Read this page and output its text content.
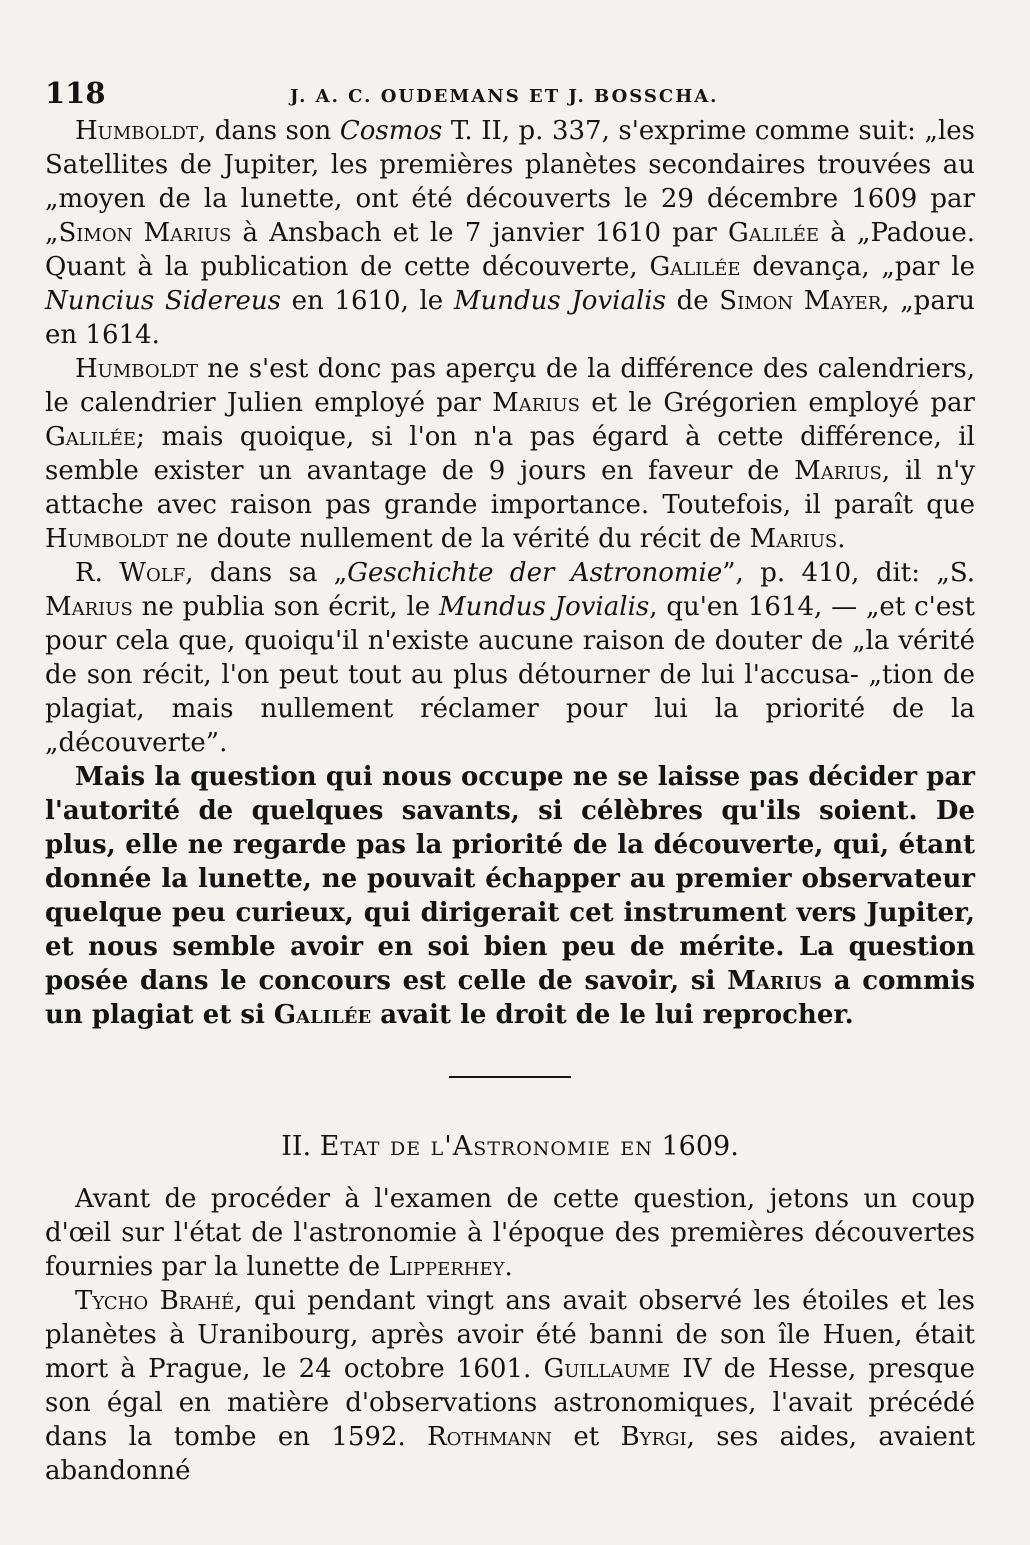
118	J. A. C. OUDEMANS ET J. BOSSCHA.

Humboldt, dans son Cosmos T. II, p. 337, s'exprime comme suit: „les Satellites de Jupiter, les premières planètes secondaires trouvées au „moyen de la lunette, ont été découverts le 29 décembre 1609 par „Simon Marius à Ansbach et le 7 janvier 1610 par Galilée à „Padoue. Quant à la publication de cette découverte, Galilée devança, „par le Nuncius Sidereus en 1610, le Mundus Jovialis de Simon Mayer, „paru en 1614.

Humboldt ne s'est donc pas aperçu de la différence des calendriers, le calendrier Julien employé par Marius et le Grégorien employé par Galilée; mais quoique, si l'on n'a pas égard à cette différence, il semble exister un avantage de 9 jours en faveur de Marius, il n'y attache avec raison pas grande importance. Toutefois, il paraît que Humboldt ne doute nullement de la vérité du récit de Marius.

R. Wolf, dans sa „Geschichte der Astronomie”, p. 410, dit: „S. Marius ne publia son écrit, le Mundus Jovialis, qu'en 1614, — „et c'est pour cela que, quoiqu'il n'existe aucune raison de douter de „la vérité de son récit, l'on peut tout au plus détourner de lui l'accusa- „tion de plagiat, mais nullement réclamer pour lui la priorité de la „découverte”.

Mais la question qui nous occupe ne se laisse pas décider par l'autorité de quelques savants, si célèbres qu'ils soient. De plus, elle ne regarde pas la priorité de la découverte, qui, étant donnée la lunette, ne pouvait échapper au premier observateur quelque peu curieux, qui dirigerait cet instrument vers Jupiter, et nous semble avoir en soi bien peu de mérite. La question posée dans le concours est celle de savoir, si Marius a commis un plagiat et si Galilée avait le droit de le lui reprocher.

II. Etat de l'Astronomie en 1609.

Avant de procéder à l'examen de cette question, jetons un coup d'œil sur l'état de l'astronomie à l'époque des premières découvertes fournies par la lunette de Lipperhey.

Tycho Brahé, qui pendant vingt ans avait observé les étoiles et les planètes à Uranibourg, après avoir été banni de son île Huen, était mort à Prague, le 24 octobre 1601. Guillaume IV de Hesse, presque son égal en matière d'observations astronomiques, l'avait précédé dans la tombe en 1592. Rothmann et Byrgi, ses aides, avaient abandonné
